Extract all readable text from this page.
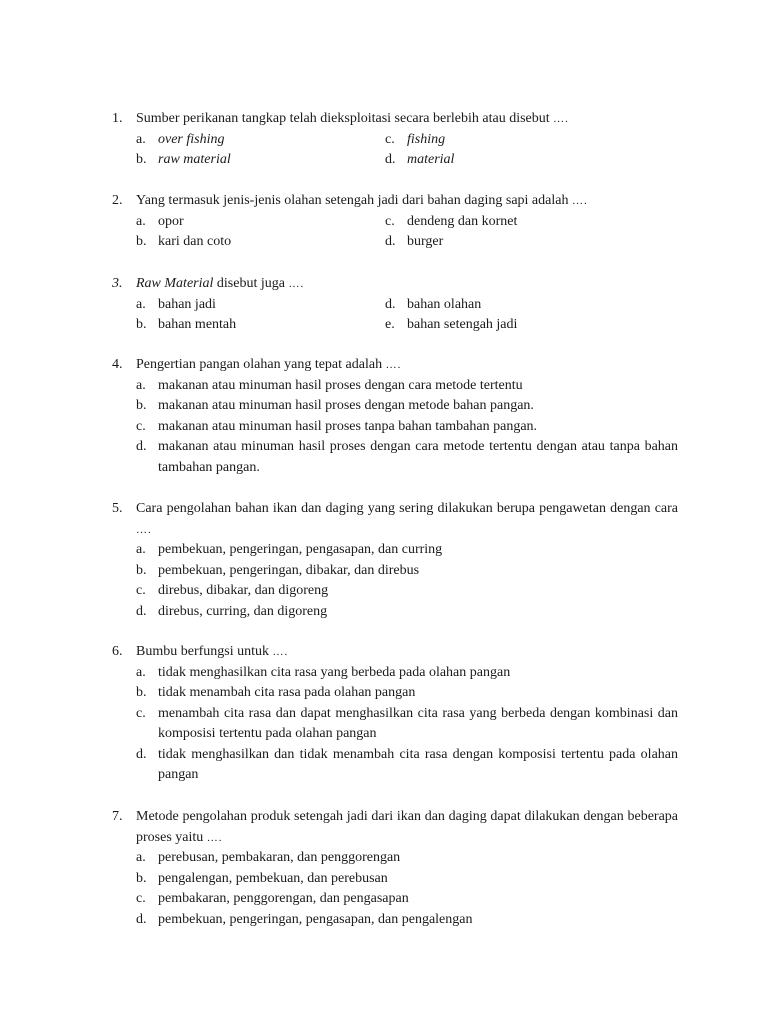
1. Sumber perikanan tangkap telah dieksploitasi secara berlebih atau disebut ….
a. over fishing	c. fishing
b. raw material	d. material
2. Yang termasuk jenis-jenis olahan setengah jadi dari bahan daging sapi adalah ….
a. opor	c. dendeng dan kornet
b. kari dan coto	d. burger
3. Raw Material disebut juga ….
a. bahan jadi	d. bahan olahan
b. bahan mentah	e. bahan setengah jadi
4. Pengertian pangan olahan yang tepat adalah ….
a. makanan atau minuman hasil proses dengan cara metode tertentu
b. makanan atau minuman hasil proses dengan metode bahan pangan.
c. makanan atau minuman hasil proses tanpa bahan tambahan pangan.
d. makanan atau minuman hasil proses dengan cara metode tertentu dengan atau tanpa bahan tambahan pangan.
5. Cara pengolahan bahan ikan dan daging yang sering dilakukan berupa pengawetan dengan cara ….
a. pembekuan, pengeringan, pengasapan, dan curring
b. pembekuan, pengeringan, dibakar, dan direbus
c. direbus, dibakar, dan digoreng
d. direbus, curring, dan digoreng
6. Bumbu berfungsi untuk ….
a. tidak menghasilkan cita rasa yang berbeda pada olahan pangan
b. tidak menambah cita rasa pada olahan pangan
c. menambah cita rasa dan dapat menghasilkan cita rasa yang berbeda dengan kombinasi dan komposisi tertentu pada olahan pangan
d. tidak menghasilkan dan tidak menambah cita rasa dengan komposisi tertentu pada olahan pangan
7. Metode pengolahan produk setengah jadi dari ikan dan daging dapat dilakukan dengan beberapa proses yaitu ….
a. perebusan, pembakaran, dan penggorengan
b. pengalengan, pembekuan, dan perebusan
c. pembakaran, penggorengan, dan pengasapan
d. pembekuan, pengeringan, pengasapan, dan pengalengan
